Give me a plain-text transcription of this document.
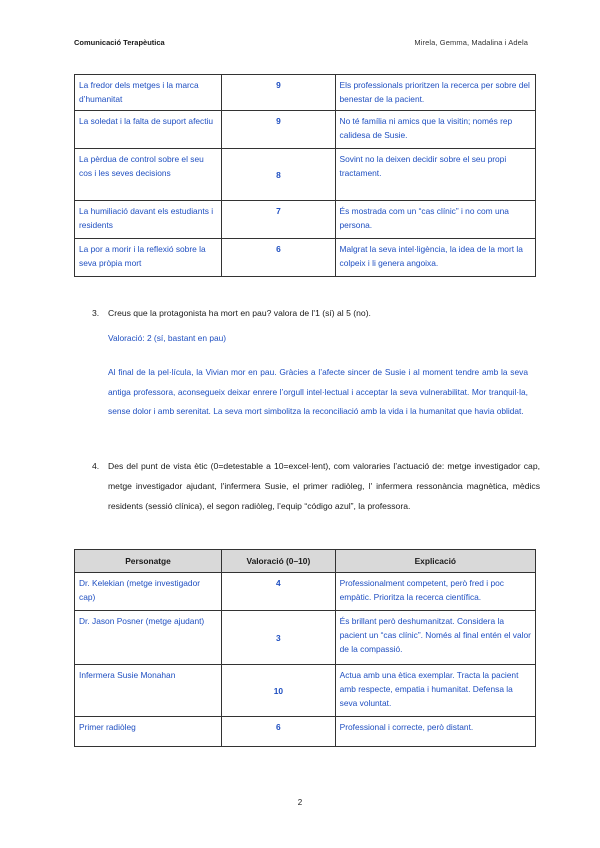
Comunicació Terapèutica	Mirela, Gemma, Madalina i Adela
La fredor dels metges i la marca d’humanitat	9	Els professionals prioritzen la recerca per sobre del benestar de la pacient.
La soledat i la falta de suport afectiu	9	No té família ni amics que la visitin; només rep calidesa de Susie.
La pèrdua de control sobre el seu cos i les seves decisions	8	Sovint no la deixen decidir sobre el seu propi tractament.
La humiliació davant els estudiants i residents	7	És mostrada com un “cas clínic” i no com una persona.
La por a morir i la reflexió sobre la seva pròpia mort	6	Malgrat la seva intel·ligència, la idea de la mort la colpeix i li genera angoixa.
3. Creus que la protagonista ha mort en pau? valora de l'1 (sí) al 5 (no).
Valoració: 2 (sí, bastant en pau)
Al final de la pel·lícula, la Vivian mor en pau. Gràcies a l’afecte sincer de Susie i al moment tendre amb la seva antiga professora, aconsegueix deixar enrere l’orgull intel·lectual i acceptar la seva vulnerabilitat. Mor tranquil·la, sense dolor i amb serenitat. La seva mort simbolitza la reconciliació amb la vida i la humanitat que havia oblidat.
4. Des del punt de vista ètic (0=detestable a 10=excel·lent), com valoraries l’actuació de: metge investigador cap, metge investigador ajudant, l'infermera Susie, el primer radiòleg, l' infermera ressonància magnètica, mèdics residents (sessió clínica), el segon radiòleg, l’equip “código azul”, la professora.
Personatge	Valoració (0–10)	Explicació
Dr. Kelekian (metge investigador cap)	4	Professionalment competent, però fred i poc empàtic. Prioritza la recerca científica.
Dr. Jason Posner (metge ajudant)	3	És brillant però deshumanitzat. Considera la pacient un “cas clínic”. Només al final entén el valor de la compassió.
Infermera Susie Monahan	10	Actua amb una ètica exemplar. Tracta la pacient amb respecte, empatia i humanitat. Defensa la seva voluntat.
Primer radiòleg	6	Professional i correcte, però distant.
2
